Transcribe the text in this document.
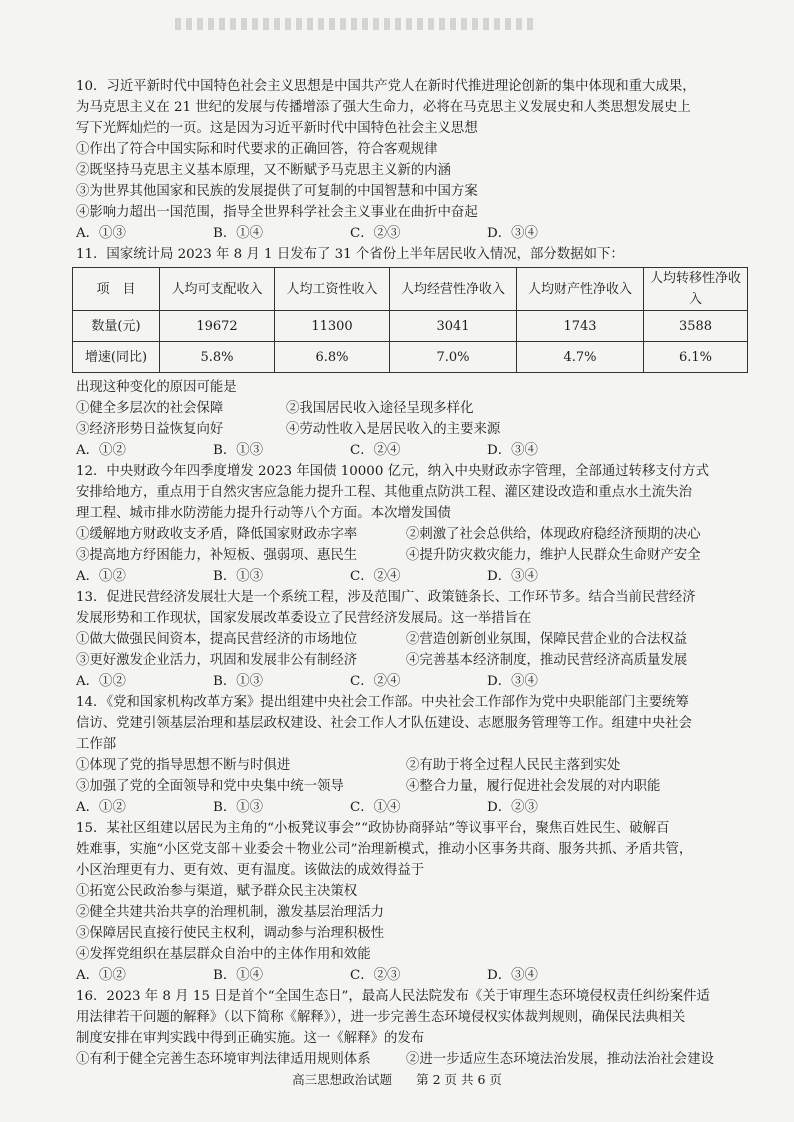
10．习近平新时代中国特色社会主义思想是中国共产党人在新时代推进理论创新的集中体现和重大成果，

为马克思主义在 21 世纪的发展与传播增添了强大生命力，必将在马克思主义发展史和人类思想发展史上

写下光辉灿烂的一页。这是因为习近平新时代中国特色社会主义思想

①作出了符合中国实际和时代要求的正确回答，符合客观规律

②既坚持马克思主义基本原理，又不断赋予马克思主义新的内涵

③为世界其他国家和民族的发展提供了可复制的中国智慧和中国方案

④影响力超出一国范围，指导全世界科学社会主义事业在曲折中奋起

A．①③	B．①④	C．②③	D．③④

11．国家统计局 2023 年 8 月 1 日发布了 31 个省份上半年居民收入情况，部分数据如下：

项　目	人均可支配收入	人均工资性收入	人均经营性净收入	人均财产性净收入	人均转移性净收入
数量(元)	19672	11300	3041	1743	3588
增速(同比)	5.8%	6.8%	7.0%	4.7%	6.1%

出现这种变化的原因可能是

①健全多层次的社会保障	②我国居民收入途径呈现多样化
③经济形势日益恢复向好	④劳动性收入是居民收入的主要来源
A．①②	B．①③	C．②④	D．③④

12．中央财政今年四季度增发 2023 年国债 10000 亿元，纳入中央财政赤字管理，全部通过转移支付方式

安排给地方，重点用于自然灾害应急能力提升工程、其他重点防洪工程、灌区建设改造和重点水土流失治

理工程、城市排水防涝能力提升行动等八个方面。本次增发国债

①缓解地方财政收支矛盾，降低国家财政赤字率	②刺激了社会总供给，体现政府稳经济预期的决心
③提高地方纾困能力，补短板、强弱项、惠民生	④提升防灾救灾能力，维护人民群众生命财产安全
A．①②	B．①③	C．②④	D．③④

13．促进民营经济发展壮大是一个系统工程，涉及范围广、政策链条长、工作环节多。结合当前民营经济

发展形势和工作现状，国家发展改革委设立了民营经济发展局。这一举措旨在

①做大做强民间资本，提高民营经济的市场地位	②营造创新创业氛围，保障民营企业的合法权益
③更好激发企业活力，巩固和发展非公有制经济	④完善基本经济制度，推动民营经济高质量发展
A．①②	B．①③	C．②④	D．③④

14．《党和国家机构改革方案》提出组建中央社会工作部。中央社会工作部作为党中央职能部门主要统筹

信访、党建引领基层治理和基层政权建设、社会工作人才队伍建设、志愿服务管理等工作。组建中央社会

工作部

①体现了党的指导思想不断与时俱进	②有助于将全过程人民民主落到实处
③加强了党的全面领导和党中央集中统一领导	④整合力量，履行促进社会发展的对内职能
A．①②	B．①③	C．①④	D．②③

15．某社区组建以居民为主角的“小板凳议事会”“政协协商驿站”等议事平台，聚焦百姓民生、破解百

姓难事，实施“小区党支部＋业委会＋物业公司”治理新模式，推动小区事务共商、服务共抓、矛盾共管，

小区治理更有力、更有效、更有温度。该做法的成效得益于

①拓宽公民政治参与渠道，赋予群众民主决策权

②健全共建共治共享的治理机制，激发基层治理活力

③保障居民直接行使民主权利，调动参与治理积极性

④发挥党组织在基层群众自治中的主体作用和效能

A．①②	B．①④	C．②③	D．③④

16．2023 年 8 月 15 日是首个“全国生态日”，最高人民法院发布《关于审理生态环境侵权责任纠纷案件适

用法律若干问题的解释》（以下简称《解释》），进一步完善生态环境侵权实体裁判规则，确保民法典相关

制度安排在审判实践中得到正确实施。这一《解释》的发布

①有利于健全完善生态环境审判法律适用规则体系	②进一步适应生态环境法治发展，推动法治社会建设
高三思想政治试题 第 2 页 共 6 页
